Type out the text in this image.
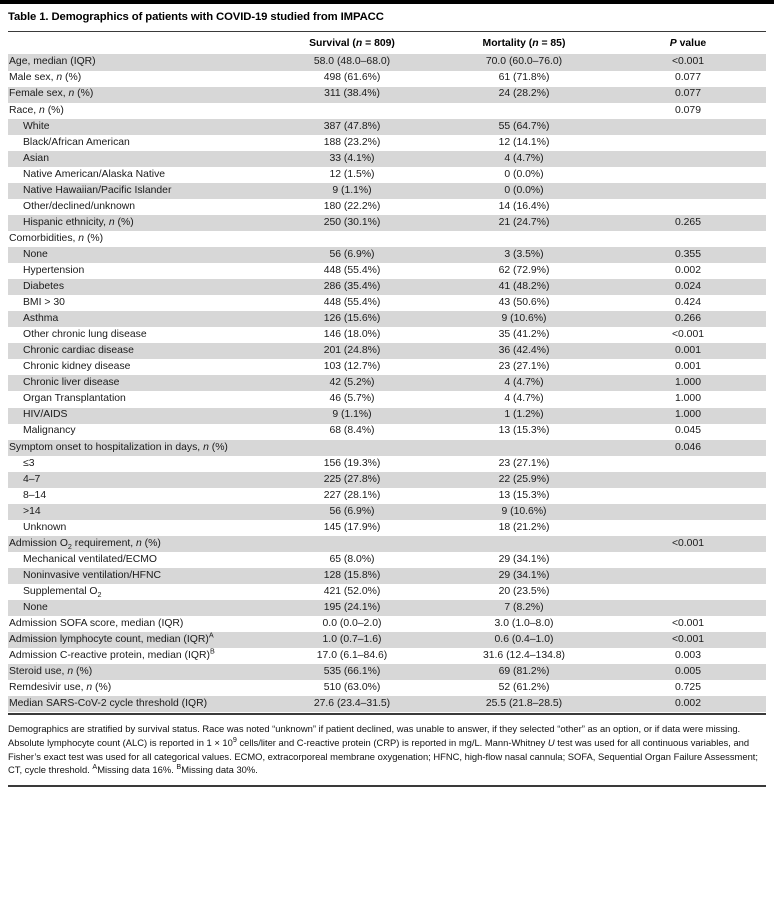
Table 1. Demographics of patients with COVID-19 studied from IMPACC
	Survival (n = 809)	Mortality (n = 85)	P value
Age, median (IQR)	58.0 (48.0–68.0)	70.0 (60.0–76.0)	<0.001
Male sex, n (%)	498 (61.6%)	61 (71.8%)	0.077
Female sex, n (%)	311 (38.4%)	24 (28.2%)	0.077
Race, n (%)			0.079
White	387 (47.8%)	55 (64.7%)	
Black/African American	188 (23.2%)	12 (14.1%)	
Asian	33 (4.1%)	4 (4.7%)	
Native American/Alaska Native	12 (1.5%)	0 (0.0%)	
Native Hawaiian/Pacific Islander	9 (1.1%)	0 (0.0%)	
Other/declined/unknown	180 (22.2%)	14 (16.4%)	
Hispanic ethnicity, n (%)	250 (30.1%)	21 (24.7%)	0.265
Comorbidities, n (%)			
None	56 (6.9%)	3 (3.5%)	0.355
Hypertension	448 (55.4%)	62 (72.9%)	0.002
Diabetes	286 (35.4%)	41 (48.2%)	0.024
BMI > 30	448 (55.4%)	43 (50.6%)	0.424
Asthma	126 (15.6%)	9 (10.6%)	0.266
Other chronic lung disease	146 (18.0%)	35 (41.2%)	<0.001
Chronic cardiac disease	201 (24.8%)	36 (42.4%)	0.001
Chronic kidney disease	103 (12.7%)	23 (27.1%)	0.001
Chronic liver disease	42 (5.2%)	4 (4.7%)	1.000
Organ Transplantation	46 (5.7%)	4 (4.7%)	1.000
HIV/AIDS	9 (1.1%)	1 (1.2%)	1.000
Malignancy	68 (8.4%)	13 (15.3%)	0.045
Symptom onset to hospitalization in days, n (%)			0.046
≤3	156 (19.3%)	23 (27.1%)	
4–7	225 (27.8%)	22 (25.9%)	
8–14	227 (28.1%)	13 (15.3%)	
>14	56 (6.9%)	9 (10.6%)	
Unknown	145 (17.9%)	18 (21.2%)	
Admission $O_2$ requirement, n (%)			<0.001
Mechanical ventilated/ECMO	65 (8.0%)	29 (34.1%)	
Noninvasive ventilation/HFNC	128 (15.8%)	29 (34.1%)	
Supplemental $O_2$	421 (52.0%)	20 (23.5%)	
None	195 (24.1%)	7 (8.2%)	
Admission SOFA score, median (IQR)	0.0 (0.0–2.0)	3.0 (1.0–8.0)	<0.001
Admission lymphocyte count, median (IQR)$^A$	1.0 (0.7–1.6)	0.6 (0.4–1.0)	<0.001
Admission C-reactive protein, median (IQR)$^B$	17.0 (6.1–84.6)	31.6 (12.4–134.8)	0.003
Steroid use, n (%)	535 (66.1%)	69 (81.2%)	0.005
Remdesivir use, n (%)	510 (63.0%)	52 (61.2%)	0.725
Median SARS-CoV-2 cycle threshold (IQR)	27.6 (23.4–31.5)	25.5 (21.8–28.5)	0.002
Demographics are stratified by survival status. Race was noted “unknown” if patient declined, was unable to answer, if they selected “other” as an option, or if data were missing. Absolute lymphocyte count (ALC) is reported in $1 \times 10^9$ cells/liter and C-reactive protein (CRP) is reported in mg/L. Mann-Whitney U test was used for all continuous variables, and Fisher’s exact test was used for all categorical values. ECMO, extracorporeal membrane oxygenation; HFNC, high-flow nasal cannula; SOFA, Sequential Organ Failure Assessment; CT, cycle threshold. $^A$Missing data 16%. $^B$Missing data 30%.
